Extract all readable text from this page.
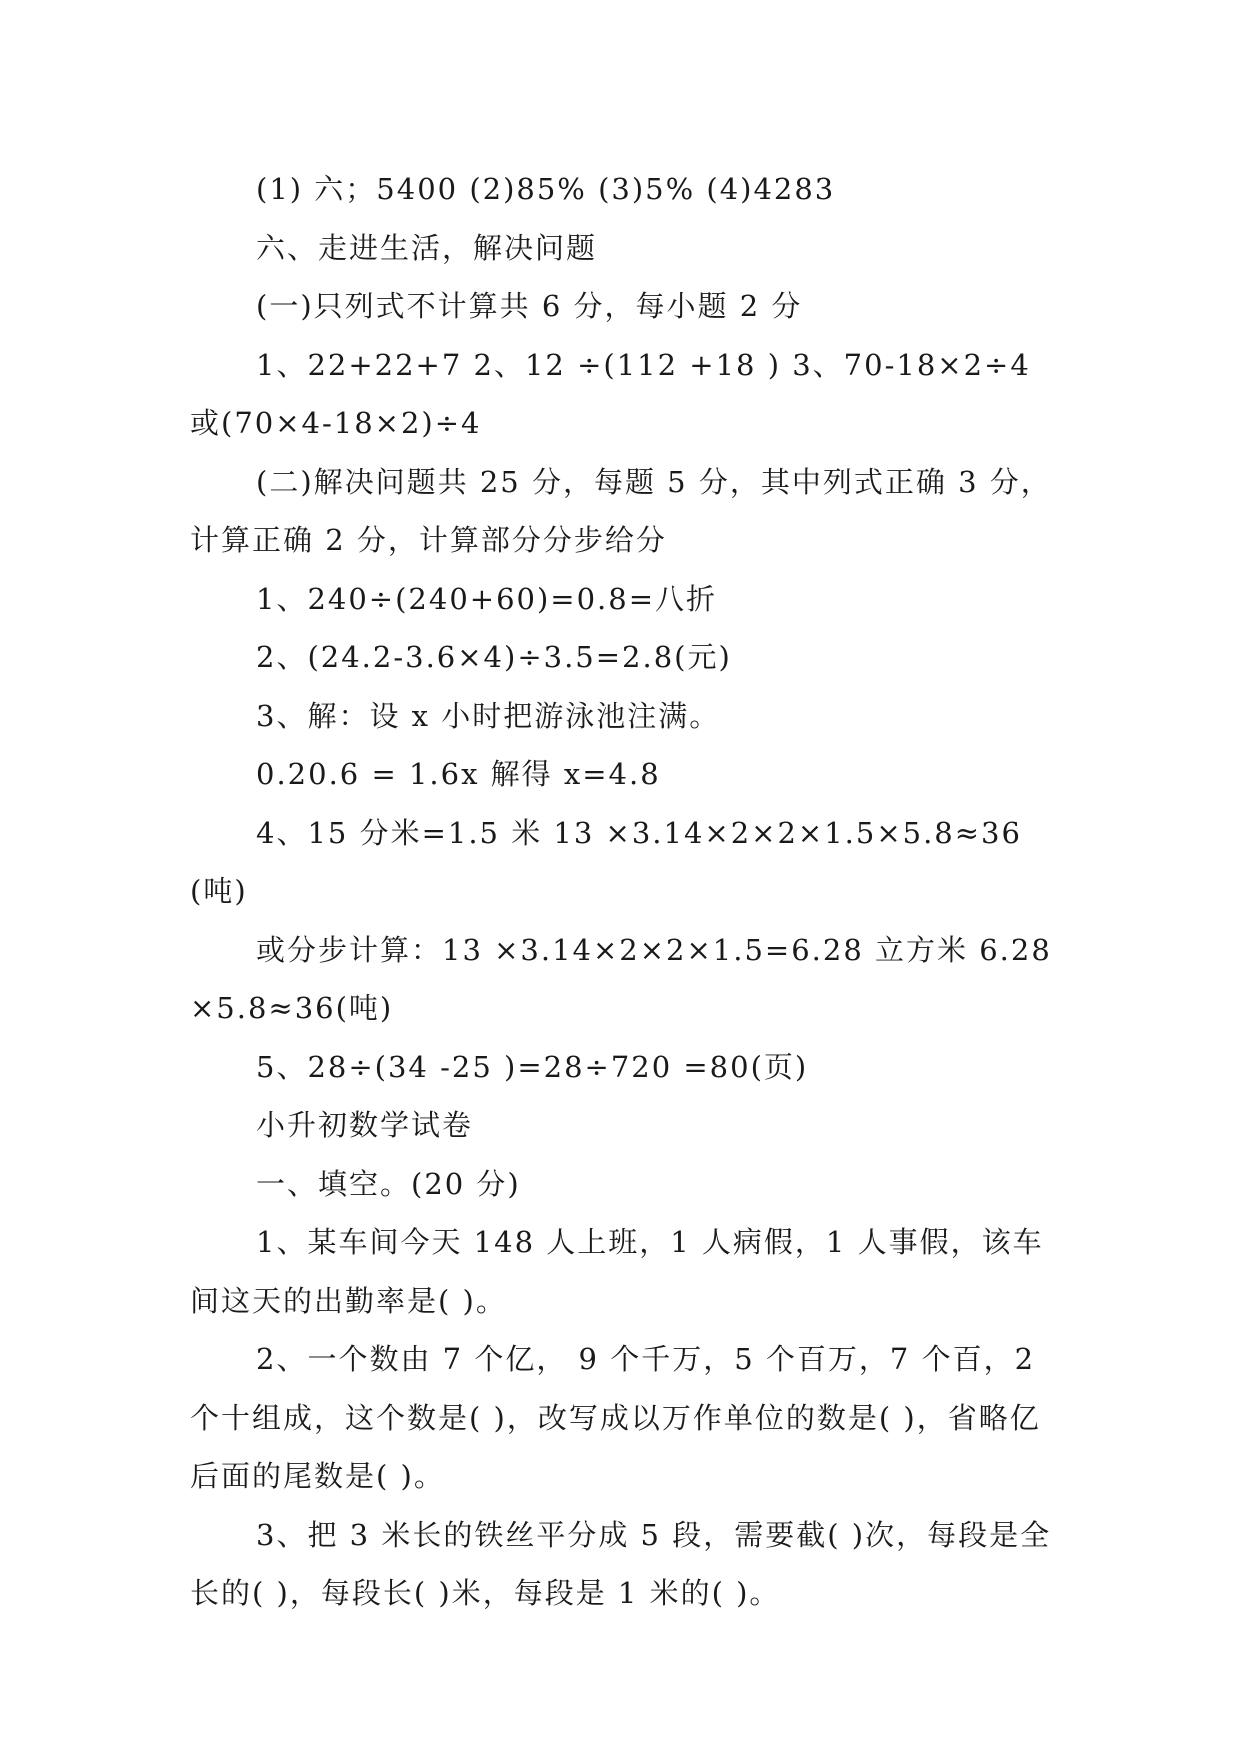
(1) 六；5400 (2)85% (3)5% (4)4283

六、走进生活，解决问题

(一)只列式不计算共 6 分，每小题 2 分

1、22+22+7 2、12 ÷(112 +18 ) 3、70-18×2÷4 或(70×4-18×2)÷4

(二)解决问题共 25 分，每题 5 分，其中列式正确 3 分，计算正确 2 分，计算部分分步给分

1、240÷(240+60)=0.8=八折

2、(24.2-3.6×4)÷3.5=2.8(元)

3、解：设 x 小时把游泳池注满。

0.20.6 = 1.6x 解得 x=4.8

4、15 分米=1.5 米 13 ×3.14×2×2×1.5×5.8≈36(吨)

或分步计算：13 ×3.14×2×2×1.5=6.28 立方米 6.28×5.8≈36(吨)

5、28÷(34 -25 )=28÷720 =80(页)

小升初数学试卷

一、填空。(20 分)

1、某车间今天 148 人上班，1 人病假，1 人事假，该车间这天的出勤率是( )。

2、一个数由 7 个亿， 9 个千万，5 个百万，7 个百，2 个十组成，这个数是( )，改写成以万作单位的数是( )，省略亿后面的尾数是( )。

3、把 3 米长的铁丝平分成 5 段，需要截( )次，每段是全长的( )，每段长( )米，每段是 1 米的( )。
